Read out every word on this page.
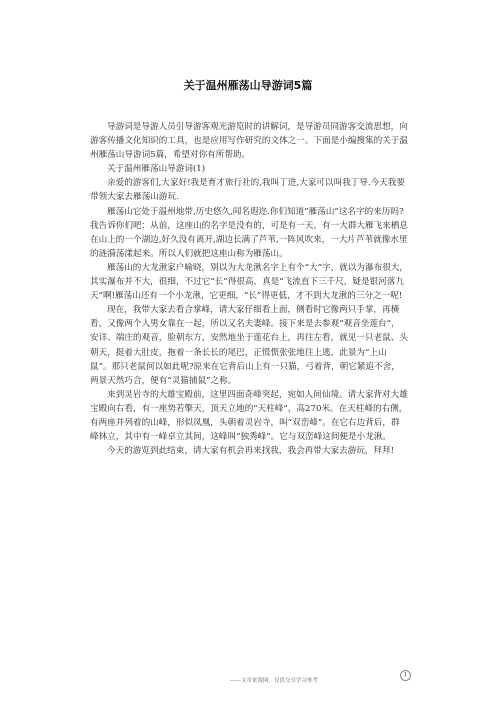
关于温州雁荡山导游词5篇

导游词是导游人员引导游客观光游览时的讲解词，是导游员同游客交流思想，向游客传播文化知识的工具，也是应用写作研究的文体之一。下面是小编搜集的关于温州雁荡山导游词5篇，希望对你有所帮助。

关于温州雁荡山导游词(1)

亲爱的游客们,大家好!我是育才旅行社的,我叫丁进,大家可以叫我丁导.今天我要带领大家去雁荡山游玩.

雁荡山它处于温州地带,历史悠久,闻名遐迩.你们知道“雁荡山”这名字的来历吗?我告诉你们吧：从前，这座山的名字是没有的，可是有一天，有一大群大雁飞来栖息在山上的一个湖边,好久没有离开,湖边长满了芦苇,一阵风吹来，一大片芦苇就像水里的涟漪荡漾起来。所以人们就把这座山称为雁荡山。

雁荡山的大龙湫家户喻晓，别以为大龙湫名字上有个“大”字，就以为瀑布很大，其实瀑布并不大，很细，不过它“长”得很高，真是“飞流直下三千尺，疑是银河落九天”啊!雁荡山还有一个小龙湫，它更细，“长”得更低，才不到大龙湫的三分之一呢!

现在，我带大家去看合掌峰，请大家仔细看上面，侧看时它像两只手掌，再横看，又像两个人男女靠在一起，所以又名夫妻峰。接下来是去参观“观音坐莲台”，安详、端庄的观音，脸朝东方，安然地坐于莲花台上，再往左看，就见一只老鼠、头朝天，挺着大肚皮，拖着一条长长的尾巴，正慌慌张张地往上逃，此景为“上山鼠”。那只老鼠何以如此呢?原来在它背后山上有一只猫，弓着背，朝它紧追不舍，两景天然巧合，便有“灵猫捕鼠”之称。

来到灵岩寺的大雄宝殿前，这里四面奇峰突起，宛如人间仙境。请大家背对大雄宝殿向右看，有一座势若擎天，顶天立地的“天柱峰”，高270米。在天柱峰的右侧，有两座并列着的山峰，形似凤凰，头朝着灵岩寺，叫“双峦峰”。在它右边背后，群峰林立，其中有一峰卓立其间，这峰叫“独秀峰”。它与双峦峰这间便是小龙湫。

今天的游览到此结束，请大家有机会再来找我，我会再带大家去游玩，拜拜!

——文章来源网，仅供分享学习参考
1
